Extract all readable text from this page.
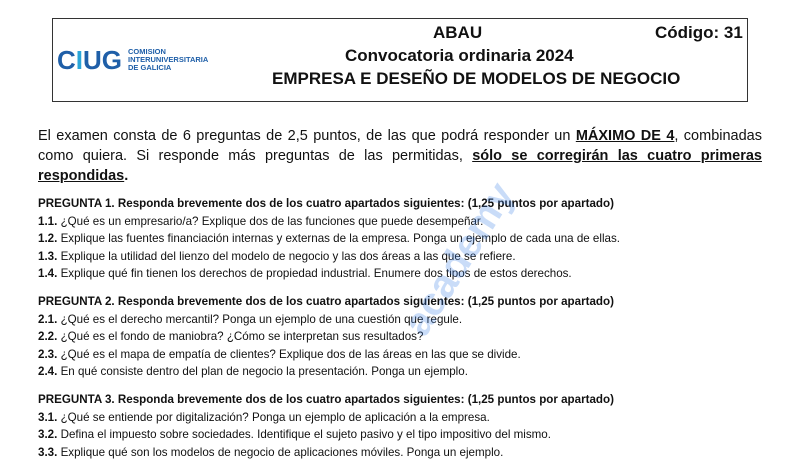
CIUG COMISION
INTERUNIVERSITARIA
DE GALICIA
ABAU	Código: 31
Convocatoria ordinaria 2024
EMPRESA E DESEÑO DE MODELOS DE NEGOCIO
El examen consta de 6 preguntas de 2,5 puntos, de las que podrá responder un MÁXIMO DE 4, combinadas como quiera. Si responde más preguntas de las permitidas, sólo se corregirán las cuatro primeras respondidas.
PREGUNTA 1. Responda brevemente dos de los cuatro apartados siguientes: (1,25 puntos por apartado)
1.1. ¿Qué es un empresario/a? Explique dos de las funciones que puede desempeñar.
1.2. Explique las fuentes financiación internas y externas de la empresa. Ponga un ejemplo de cada una de ellas.
1.3. Explique la utilidad del lienzo del modelo de negocio y las dos áreas a las que se refiere.
1.4. Explique qué fin tienen los derechos de propiedad industrial. Enumere dos tipos de estos derechos.
PREGUNTA 2. Responda brevemente dos de los cuatro apartados siguientes: (1,25 puntos por apartado)
2.1. ¿Qué es el derecho mercantil? Ponga un ejemplo de una cuestión que regule.
2.2. ¿Qué es el fondo de maniobra? ¿Cómo se interpretan sus resultados?
2.3. ¿Qué es el mapa de empatía de clientes? Explique dos de las áreas en las que se divide.
2.4. En qué consiste dentro del plan de negocio la presentación. Ponga un ejemplo.
PREGUNTA 3. Responda brevemente dos de los cuatro apartados siguientes: (1,25 puntos por apartado)
3.1. ¿Qué se entiende por digitalización? Ponga un ejemplo de aplicación a la empresa.
3.2. Defina el impuesto sobre sociedades. Identifique el sujeto pasivo y el tipo impositivo del mismo.
3.3. Explique qué son los modelos de negocio de aplicaciones móviles. Ponga un ejemplo.
academy
